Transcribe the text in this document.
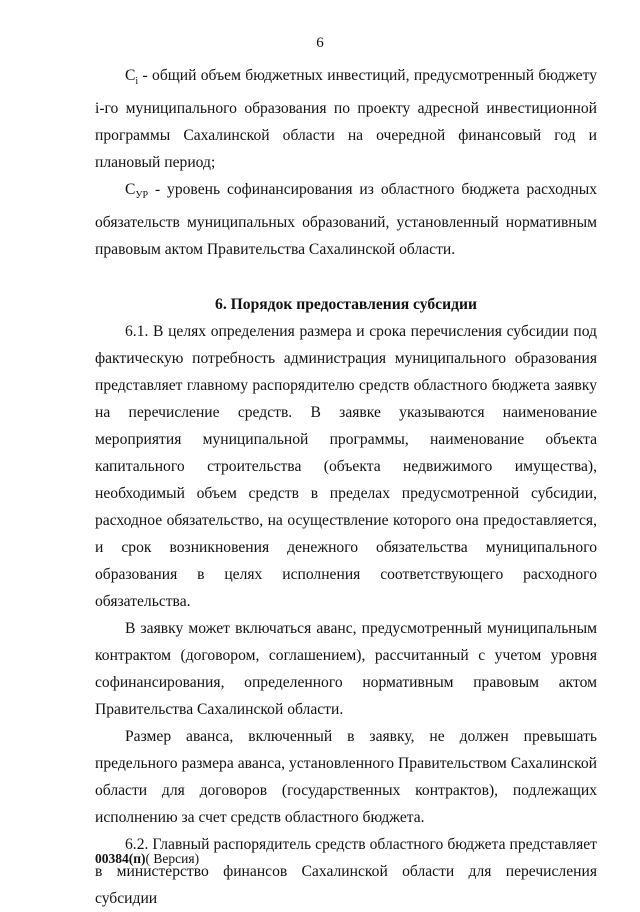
6

$C_i$ - общий объем бюджетных инвестиций, предусмотренный бюджету i-го муниципального образования по проекту адресной инвестиционной программы Сахалинской области на очередной финансовый год и плановый период;

$C_{УР}$ - уровень софинансирования из областного бюджета расходных обязательств муниципальных образований, установленный нормативным правовым актом Правительства Сахалинской области.

6. Порядок предоставления субсидии

6.1. В целях определения размера и срока перечисления субсидии под фактическую потребность администрация муниципального образования представляет главному распорядителю средств областного бюджета заявку на перечисление средств. В заявке указываются наименование мероприятия муниципальной программы, наименование объекта капитального строительства (объекта недвижимого имущества), необходимый объем средств в пределах предусмотренной субсидии, расходное обязательство, на осуществление которого она предоставляется, и срок возникновения денежного обязательства муниципального образования в целях исполнения соответствующего расходного обязательства.

В заявку может включаться аванс, предусмотренный муниципальным контрактом (договором, соглашением), рассчитанный с учетом уровня софинансирования, определенного нормативным правовым актом Правительства Сахалинской области.

Размер аванса, включенный в заявку, не должен превышать предельного размера аванса, установленного Правительством Сахалинской области для договоров (государственных контрактов), подлежащих исполнению за счет средств областного бюджета.

6.2. Главный распорядитель средств областного бюджета представляет в министерство финансов Сахалинской области для перечисления субсидии

00384(п)( Версия)
